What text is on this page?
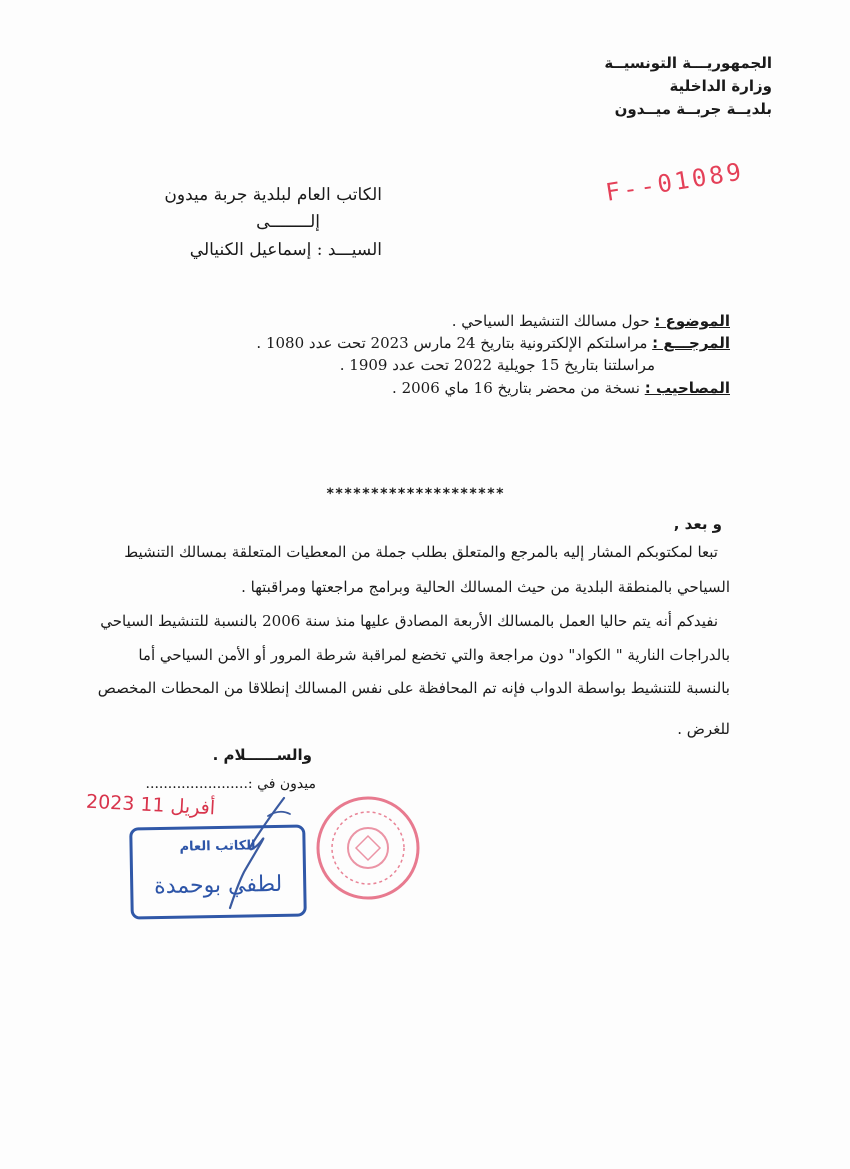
الجمهوريـــة التونسيــة
وزارة الداخلية
بلديــة جربــة ميــدون
F--01089
الكاتب العام لبلدية جربة ميدون
إلــــــــى
السيـــد : إسماعيل الكنيالي
الموضوع : حول مسالك التنشيط السياحي .
المرجـــع : مراسلتكم الإلكترونية بتاريخ 24 مارس 2023 تحت عدد 1080 .
مراسلتنا بتاريخ 15 جويلية 2022 تحت عدد 1909 .
المصاحيب : نسخة من محضر بتاريخ 16 ماي 2006 .
********************
و بعد ,
تبعا لمكتوبكم المشار إليه بالمرجع والمتعلق بطلب جملة من المعطيات المتعلقة بمسالك التنشيط
السياحي بالمنطقة البلدية من حيث المسالك الحالية وبرامج مراجعتها ومراقبتها .
نفيدكم أنه يتم حاليا العمل بالمسالك الأربعة المصادق عليها منذ سنة 2006 بالنسبة للتنشيط السياحي
بالدراجات النارية " الكواد" دون مراجعة والتي تخضع لمراقبة شرطة المرور أو الأمن السياحي أما
بالنسبة للتنشيط بواسطة الدواب فإنه تم المحافظة على نفس المسالك إنطلاقا من المحطات المخصص
للغرض .
والســــــلام .
ميدون في :.......................
2023 أفريل 11
الكاتب العام
لطفي بوحمدة
